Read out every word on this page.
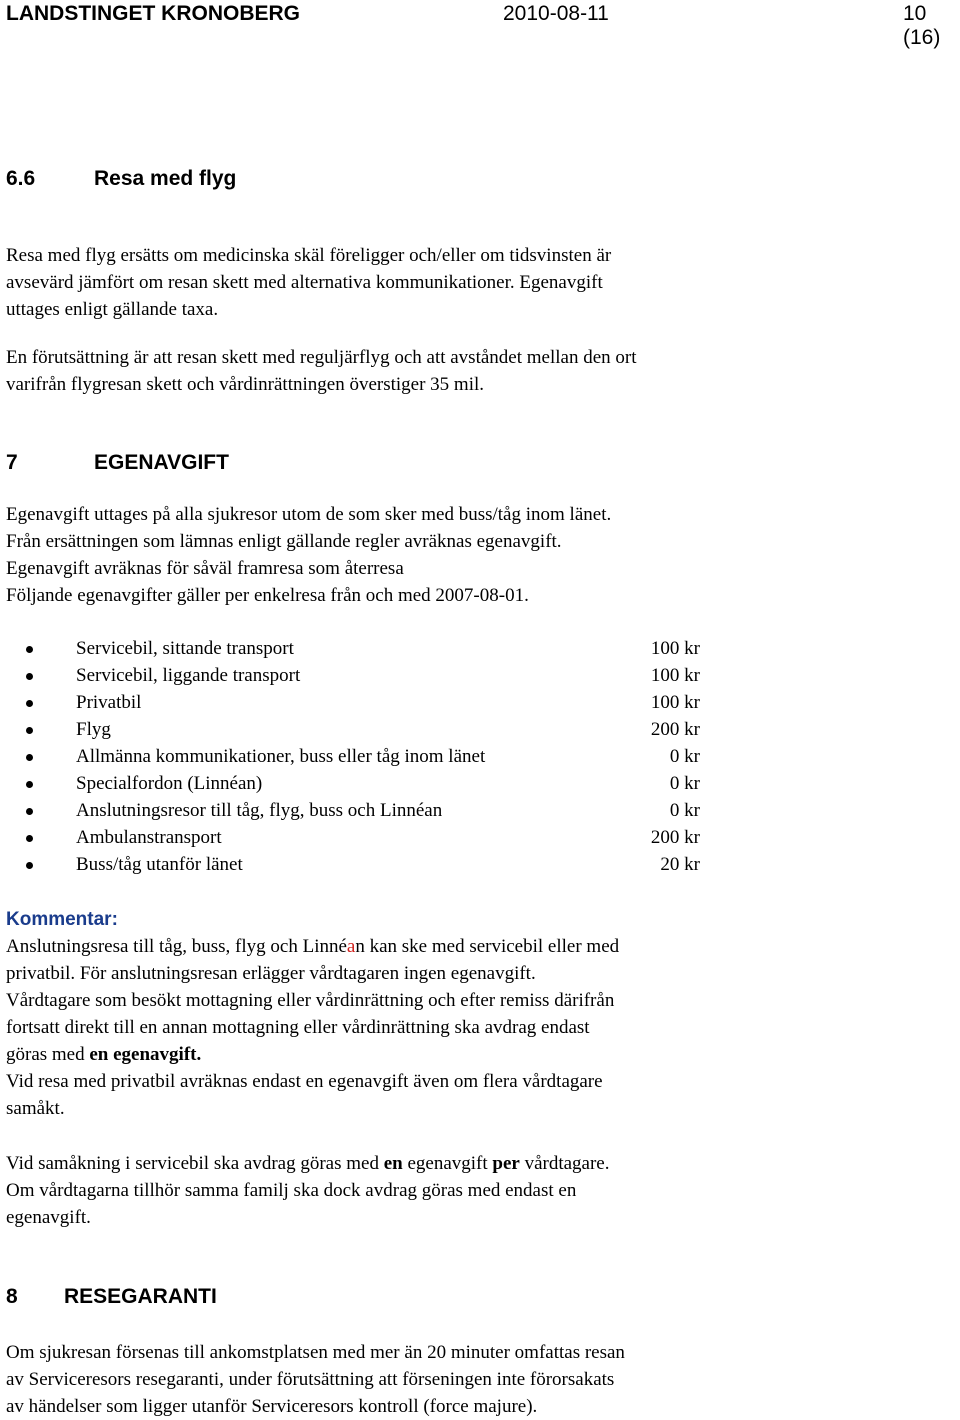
LANDSTINGET KRONOBERG	2010-08-11	10 (16)
6.6	Resa med flyg

Resa med flyg ersätts om medicinska skäl föreligger och/eller om tidsvinsten är

avsevärd jämfört om resan skett med alternativa kommunikationer. Egenavgift

uttages enligt gällande taxa.

En förutsättning är att resan skett med reguljärflyg och att avståndet mellan den ort

varifrån flygresan skett och vårdinrättningen överstiger 35 mil.

7	EGENAVGIFT

Egenavgift uttages på alla sjukresor utom de som sker med buss/tåg inom länet.

Från ersättningen som lämnas enligt gällande regler avräknas egenavgift.

Egenavgift avräknas för såväl framresa som återresa

Följande egenavgifter gäller per enkelresa från och med 2007-08-01.

Servicebil, sittande transport	100 kr
Servicebil, liggande transport	100 kr
Privatbil	100 kr
Flyg	200 kr
Allmänna kommunikationer, buss eller tåg inom länet	0 kr
Specialfordon (Linnéan)	0 kr
Anslutningsresor till tåg, flyg, buss och Linnéan	0 kr
Ambulanstransport	200 kr
Buss/tåg utanför länet	20 kr

Kommentar:

Anslutningsresa till tåg, buss, flyg och Linnéan kan ske med servicebil eller med

privatbil. För anslutningsresan erlägger vårdtagaren ingen egenavgift.

Vårdtagare som besökt mottagning eller vårdinrättning och efter remiss därifrån

fortsatt direkt till en annan mottagning eller vårdinrättning ska avdrag endast

göras med en egenavgift.

Vid resa med privatbil avräknas endast en egenavgift även om flera vårdtagare

samåkt.

Vid samåkning i servicebil ska avdrag göras med en egenavgift per vårdtagare.

Om vårdtagarna tillhör samma familj ska dock avdrag göras med endast en

egenavgift.

8 RESEGARANTI

Om sjukresan försenas till ankomstplatsen med mer än 20 minuter omfattas resan

av Serviceresors resegaranti, under förutsättning att förseningen inte förorsakats

av händelser som ligger utanför Serviceresors kontroll (force majure).
